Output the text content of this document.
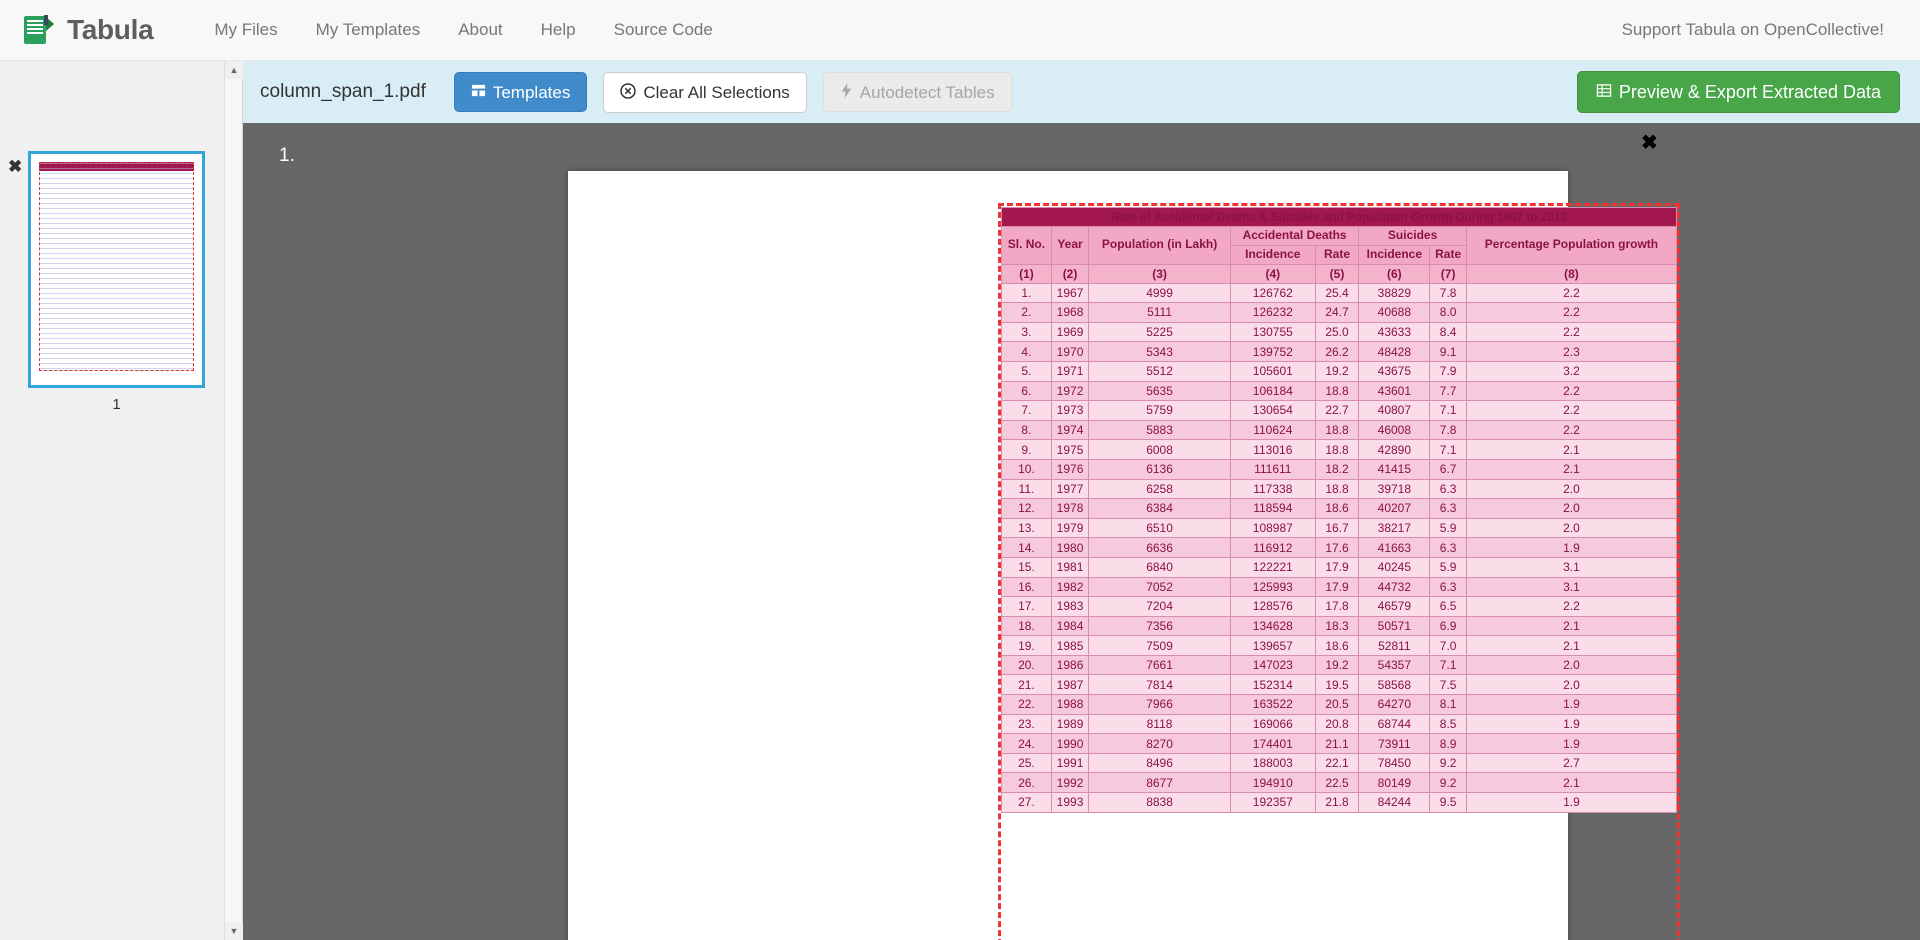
Tabula	My Files	My Templates	About	Help	Source Code	Support Tabula on OpenCollective!
✖
1
▲
▼
column_span_1.pdf	Templates	Clear All Selections	Autodetect Tables	Preview & Export Extracted Data
1.
✖
Rate of Accidental Deaths & Suicides and Population Growth During 1967 to 2013							
Sl. No.	Year	Population (in Lakh)	Accidental Deaths		Suicides		Percentage Population growth
			Incidence	Rate	Incidence	Rate	
(1)	(2)	(3)	(4)	(5)	(6)	(7)	(8)
1.	1967	4999	126762	25.4	38829	7.8	2.2
2.	1968	5111	126232	24.7	40688	8.0	2.2
3.	1969	5225	130755	25.0	43633	8.4	2.2
4.	1970	5343	139752	26.2	48428	9.1	2.3
5.	1971	5512	105601	19.2	43675	7.9	3.2
6.	1972	5635	106184	18.8	43601	7.7	2.2
7.	1973	5759	130654	22.7	40807	7.1	2.2
8.	1974	5883	110624	18.8	46008	7.8	2.2
9.	1975	6008	113016	18.8	42890	7.1	2.1
10.	1976	6136	111611	18.2	41415	6.7	2.1
11.	1977	6258	117338	18.8	39718	6.3	2.0
12.	1978	6384	118594	18.6	40207	6.3	2.0
13.	1979	6510	108987	16.7	38217	5.9	2.0
14.	1980	6636	116912	17.6	41663	6.3	1.9
15.	1981	6840	122221	17.9	40245	5.9	3.1
16.	1982	7052	125993	17.9	44732	6.3	3.1
17.	1983	7204	128576	17.8	46579	6.5	2.2
18.	1984	7356	134628	18.3	50571	6.9	2.1
19.	1985	7509	139657	18.6	52811	7.0	2.1
20.	1986	7661	147023	19.2	54357	7.1	2.0
21.	1987	7814	152314	19.5	58568	7.5	2.0
22.	1988	7966	163522	20.5	64270	8.1	1.9
23.	1989	8118	169066	20.8	68744	8.5	1.9
24.	1990	8270	174401	21.1	73911	8.9	1.9
25.	1991	8496	188003	22.1	78450	9.2	2.7
26.	1992	8677	194910	22.5	80149	9.2	2.1
27.	1993	8838	192357	21.8	84244	9.5	1.9
